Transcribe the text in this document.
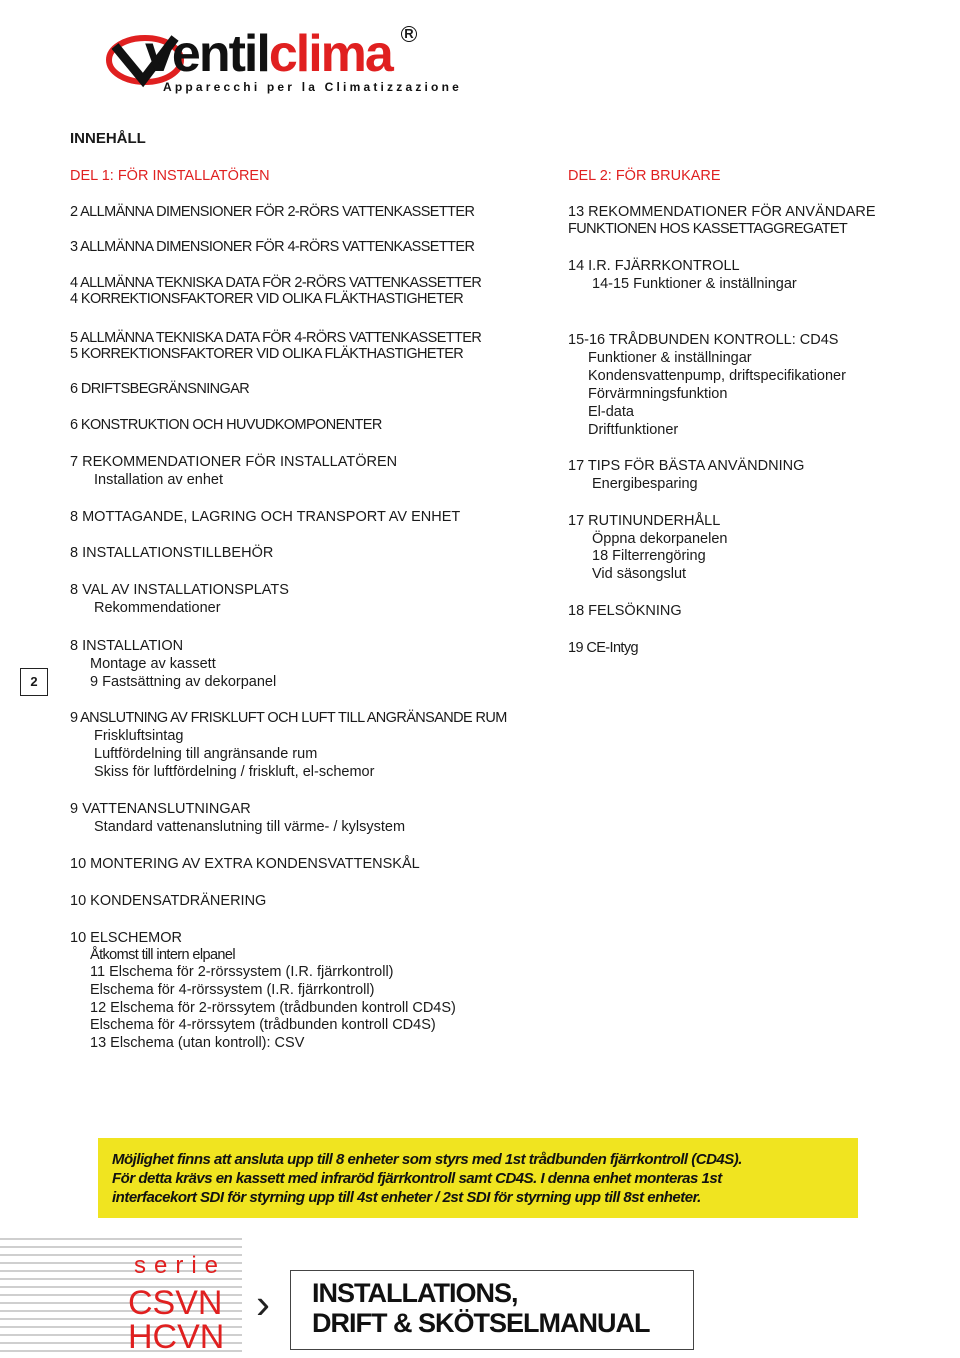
ventilclima R
Apparecchi per la Climatizzazione
INNEHÅLL
DEL 1: FÖR INSTALLATÖREN
2 ALLMÄNNA DIMENSIONER FÖR 2-RÖRS VATTENKASSETTER
3 ALLMÄNNA DIMENSIONER FÖR 4-RÖRS VATTENKASSETTER
4 ALLMÄNNA TEKNISKA DATA FÖR 2-RÖRS VATTENKASSETTER
4 KORREKTIONSFAKTORER VID OLIKA FLÄKTHASTIGHETER
5 ALLMÄNNA TEKNISKA DATA FÖR 4-RÖRS VATTENKASSETTER
5 KORREKTIONSFAKTORER VID OLIKA FLÄKTHASTIGHETER
6 DRIFTSBEGRÄNSNINGAR
6 KONSTRUKTION OCH HUVUDKOMPONENTER
7 REKOMMENDATIONER FÖR INSTALLATÖREN
Installation av enhet
8 MOTTAGANDE, LAGRING OCH TRANSPORT AV ENHET
8 INSTALLATIONSTILLBEHÖR
8 VAL AV INSTALLATIONSPLATS
Rekommendationer
8 INSTALLATION
Montage av kassett
9 Fastsättning av dekorpanel
9 ANSLUTNING AV FRISKLUFT OCH LUFT TILL ANGRÄNSANDE RUM
Friskluftsintag
Luftfördelning till angränsande rum
Skiss för luftfördelning / friskluft, el-schemor
9 VATTENANSLUTNINGAR
Standard vattenanslutning till värme- / kylsystem
10 MONTERING AV EXTRA KONDENSVATTENSKÅL
10 KONDENSATDRÄNERING
10 ELSCHEMOR
Åtkomst till intern elpanel
11 Elschema för 2-rörssystem (I.R. fjärrkontroll)
Elschema för 4-rörssystem (I.R. fjärrkontroll)
12 Elschema för 2-rörssytem (trådbunden kontroll CD4S)
Elschema för 4-rörssytem (trådbunden kontroll CD4S)
13 Elschema (utan kontroll): CSV
DEL 2: FÖR BRUKARE
13 REKOMMENDATIONER FÖR ANVÄNDARE
FUNKTIONEN HOS KASSETTAGGREGATET
14 I.R. FJÄRRKONTROLL
14-15 Funktioner & inställningar
15-16 TRÅDBUNDEN KONTROLL: CD4S
Funktioner & inställningar
Kondensvattenpump, driftspecifikationer
Förvärmningsfunktion
El-data
Driftfunktioner
17 TIPS FÖR BÄSTA ANVÄNDNING
Energibesparing
17 RUTINUNDERHÅLL
Öppna dekorpanelen
18 Filterrengöring
Vid säsongslut
18 FELSÖKNING
19 CE-Intyg
2
Möjlighet finns att ansluta upp till 8 enheter som styrs med 1st trådbunden fjärrkontroll (CD4S).
För detta krävs en kassett med infraröd fjärrkontroll samt CD4S. I denna enhet monteras 1st
interfacekort SDI för styrning upp till 4st enheter / 2st SDI för styrning upp till 8st enheter.
serie
CSVN
HCVN
› INSTALLATIONS,
DRIFT & SKÖTSELMANUAL
